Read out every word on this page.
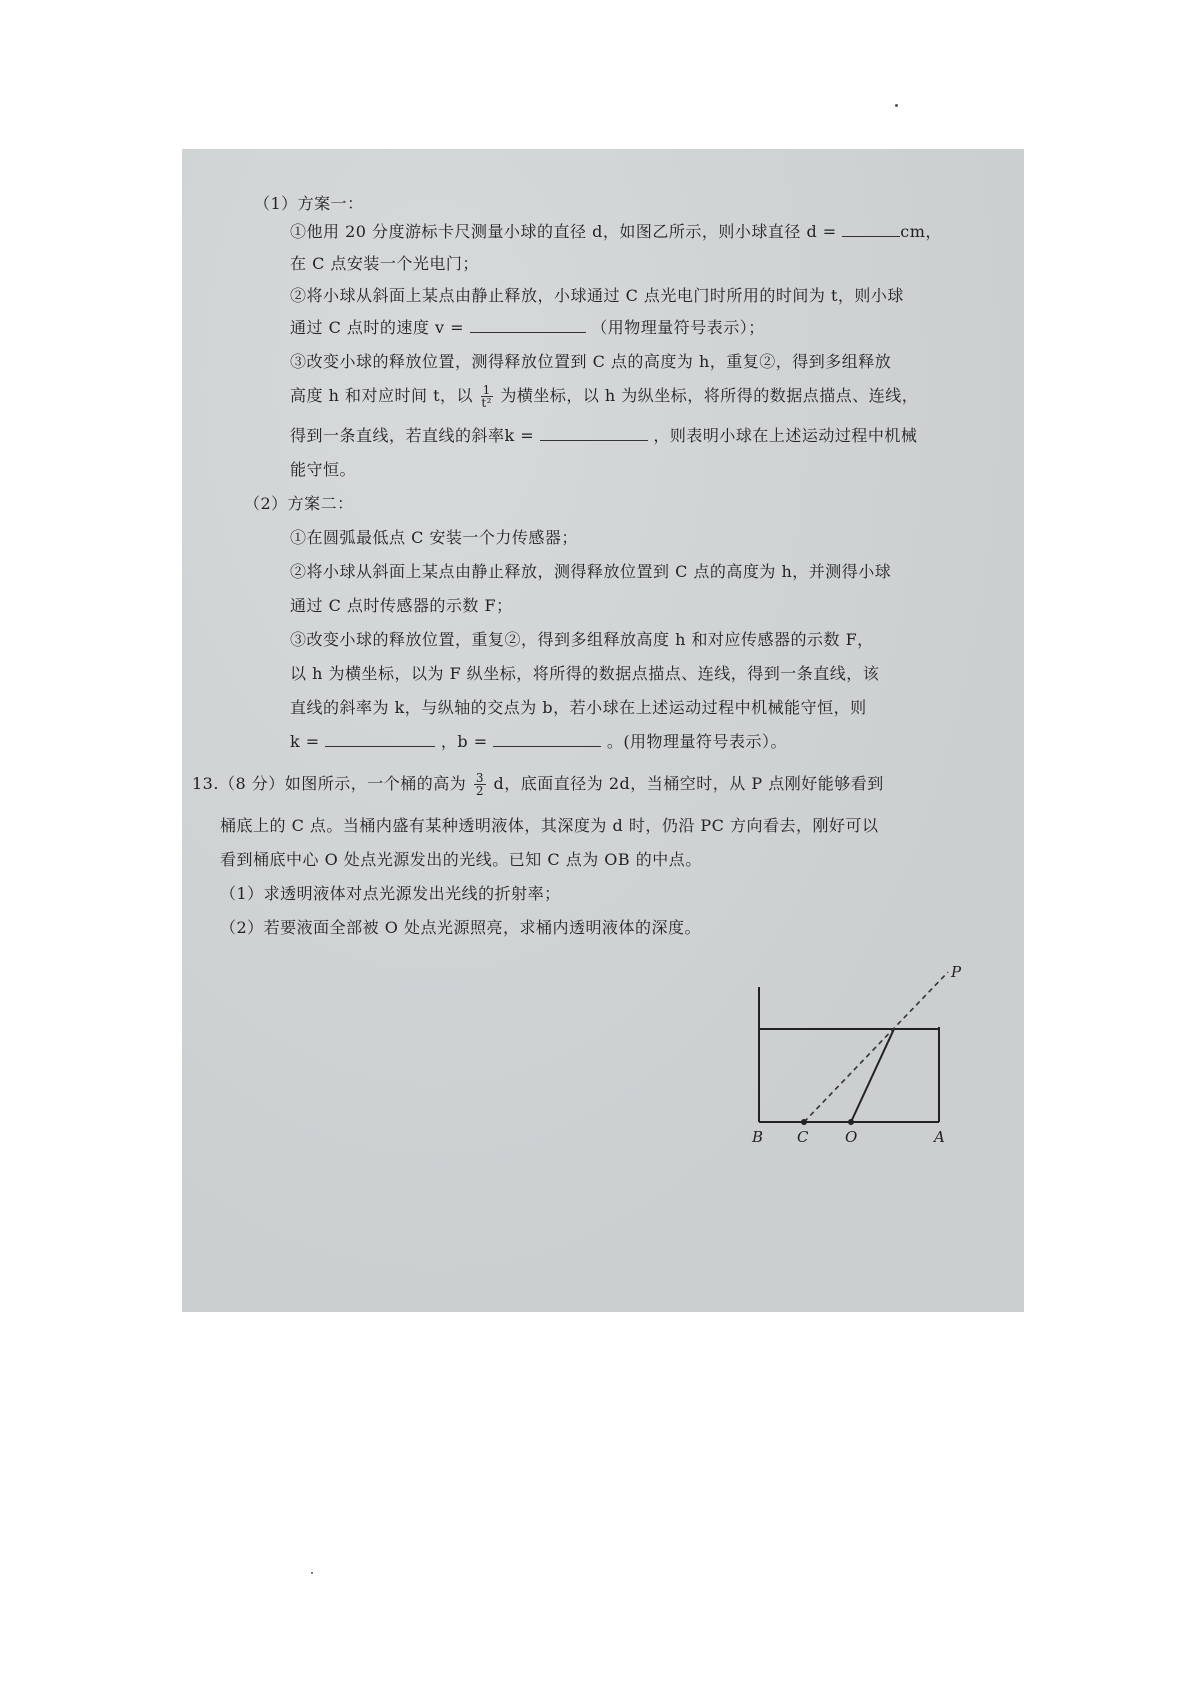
（1）方案一：
①他用 20 分度游标卡尺测量小球的直径 d，如图乙所示，则小球直径 d =	cm，
在 C 点安装一个光电门；
②将小球从斜面上某点由静止释放，小球通过 C 点光电门时所用的时间为 t，则小球
通过 C 点时的速度 v =	（用物理量符号表示）；
③改变小球的释放位置，测得释放位置到 C 点的高度为 h，重复②，得到多组释放
高度 h 和对应时间 t，以 $\frac{1}{\text{t²}}$ 为横坐标，以 h 为纵坐标，将所得的数据点描点、连线，
得到一条直线，若直线的斜率k =	，则表明小球在上述运动过程中机械
能守恒。
（2）方案二：
①在圆弧最低点 C 安装一个力传感器；
②将小球从斜面上某点由静止释放，测得释放位置到 C 点的高度为 h，并测得小球
通过 C 点时传感器的示数 F；
③改变小球的释放位置，重复②，得到多组释放高度 h 和对应传感器的示数 F，
以 h 为横坐标，以为 F 纵坐标，将所得的数据点描点、连线，得到一条直线，该
直线的斜率为 k，与纵轴的交点为 b，若小球在上述运动过程中机械能守恒，则
k =	，b =	。(用物理量符号表示）。
13.（8 分）如图所示，一个桶的高为 $\frac{3}{2}$ d，底面直径为 2d，当桶空时，从 P 点刚好能够看到
桶底上的 C 点。当桶内盛有某种透明液体，其深度为 d 时，仍沿 PC 方向看去，刚好可以
看到桶底中心 O 处点光源发出的光线。已知 C 点为 OB 的中点。
（1）求透明液体对点光源发出光线的折射率；
（2）若要液面全部被 O 处点光源照亮，求桶内透明液体的深度。
P
B C O	A
